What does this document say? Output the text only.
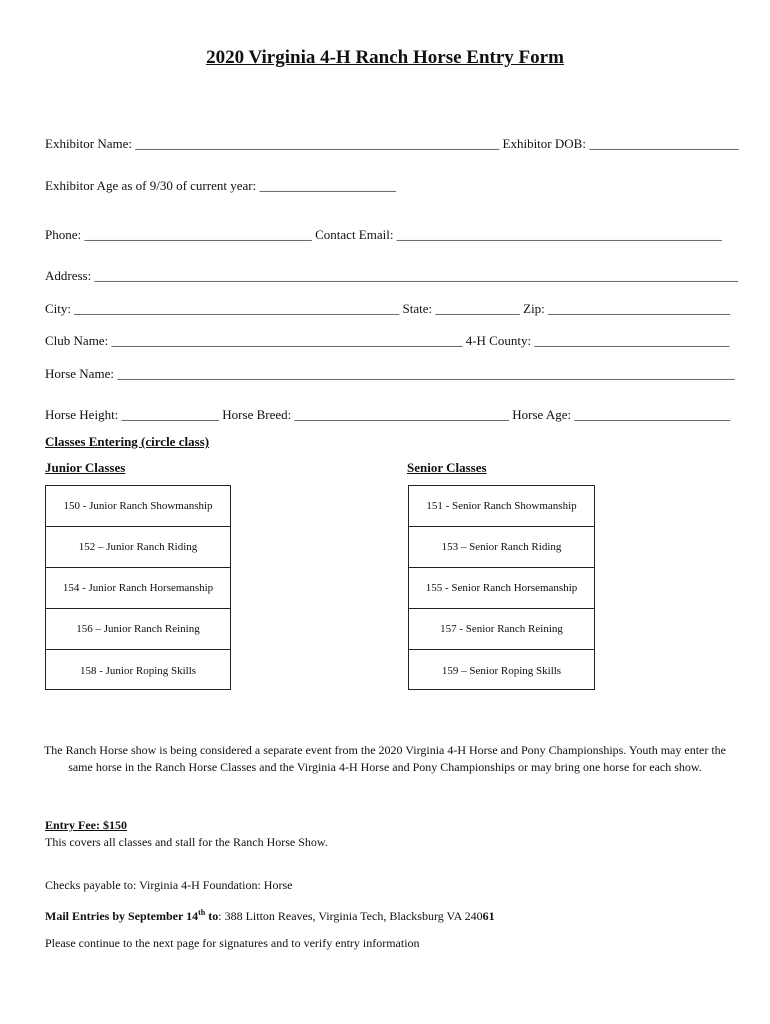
2020 Virginia 4-H Ranch Horse Entry Form
Exhibitor Name: ________________________________________________________ Exhibitor DOB: _______________________
Exhibitor Age as of 9/30 of current year: _____________________
Phone: ___________________________________ Contact Email: __________________________________________________
Address: ___________________________________________________________________________________________________
City: __________________________________________________ State: _____________ Zip: ____________________________
Club Name: ______________________________________________________ 4-H County: ______________________________
Horse Name: _______________________________________________________________________________________________
Horse Height: _______________ Horse Breed: _________________________________ Horse Age: ________________________
Classes Entering (circle class)
Junior Classes	Senior Classes
150 - Junior Ranch Showmanship
152 – Junior Ranch Riding
154 - Junior Ranch Horsemanship
156 – Junior Ranch Reining
158 - Junior Roping Skills
151 - Senior Ranch Showmanship
153 – Senior Ranch Riding
155 - Senior Ranch Horsemanship
157 - Senior Ranch Reining
159 – Senior Roping Skills
The Ranch Horse show is being considered a separate event from the 2020 Virginia 4-H Horse and Pony Championships. Youth may enter the same horse in the Ranch Horse Classes and the Virginia 4-H Horse and Pony Championships or may bring one horse for each show.
Entry Fee: $150
This covers all classes and stall for the Ranch Horse Show.
Checks payable to: Virginia 4-H Foundation: Horse
Mail Entries by September 14th to: 388 Litton Reaves, Virginia Tech, Blacksburg VA 24061
Please continue to the next page for signatures and to verify entry information
